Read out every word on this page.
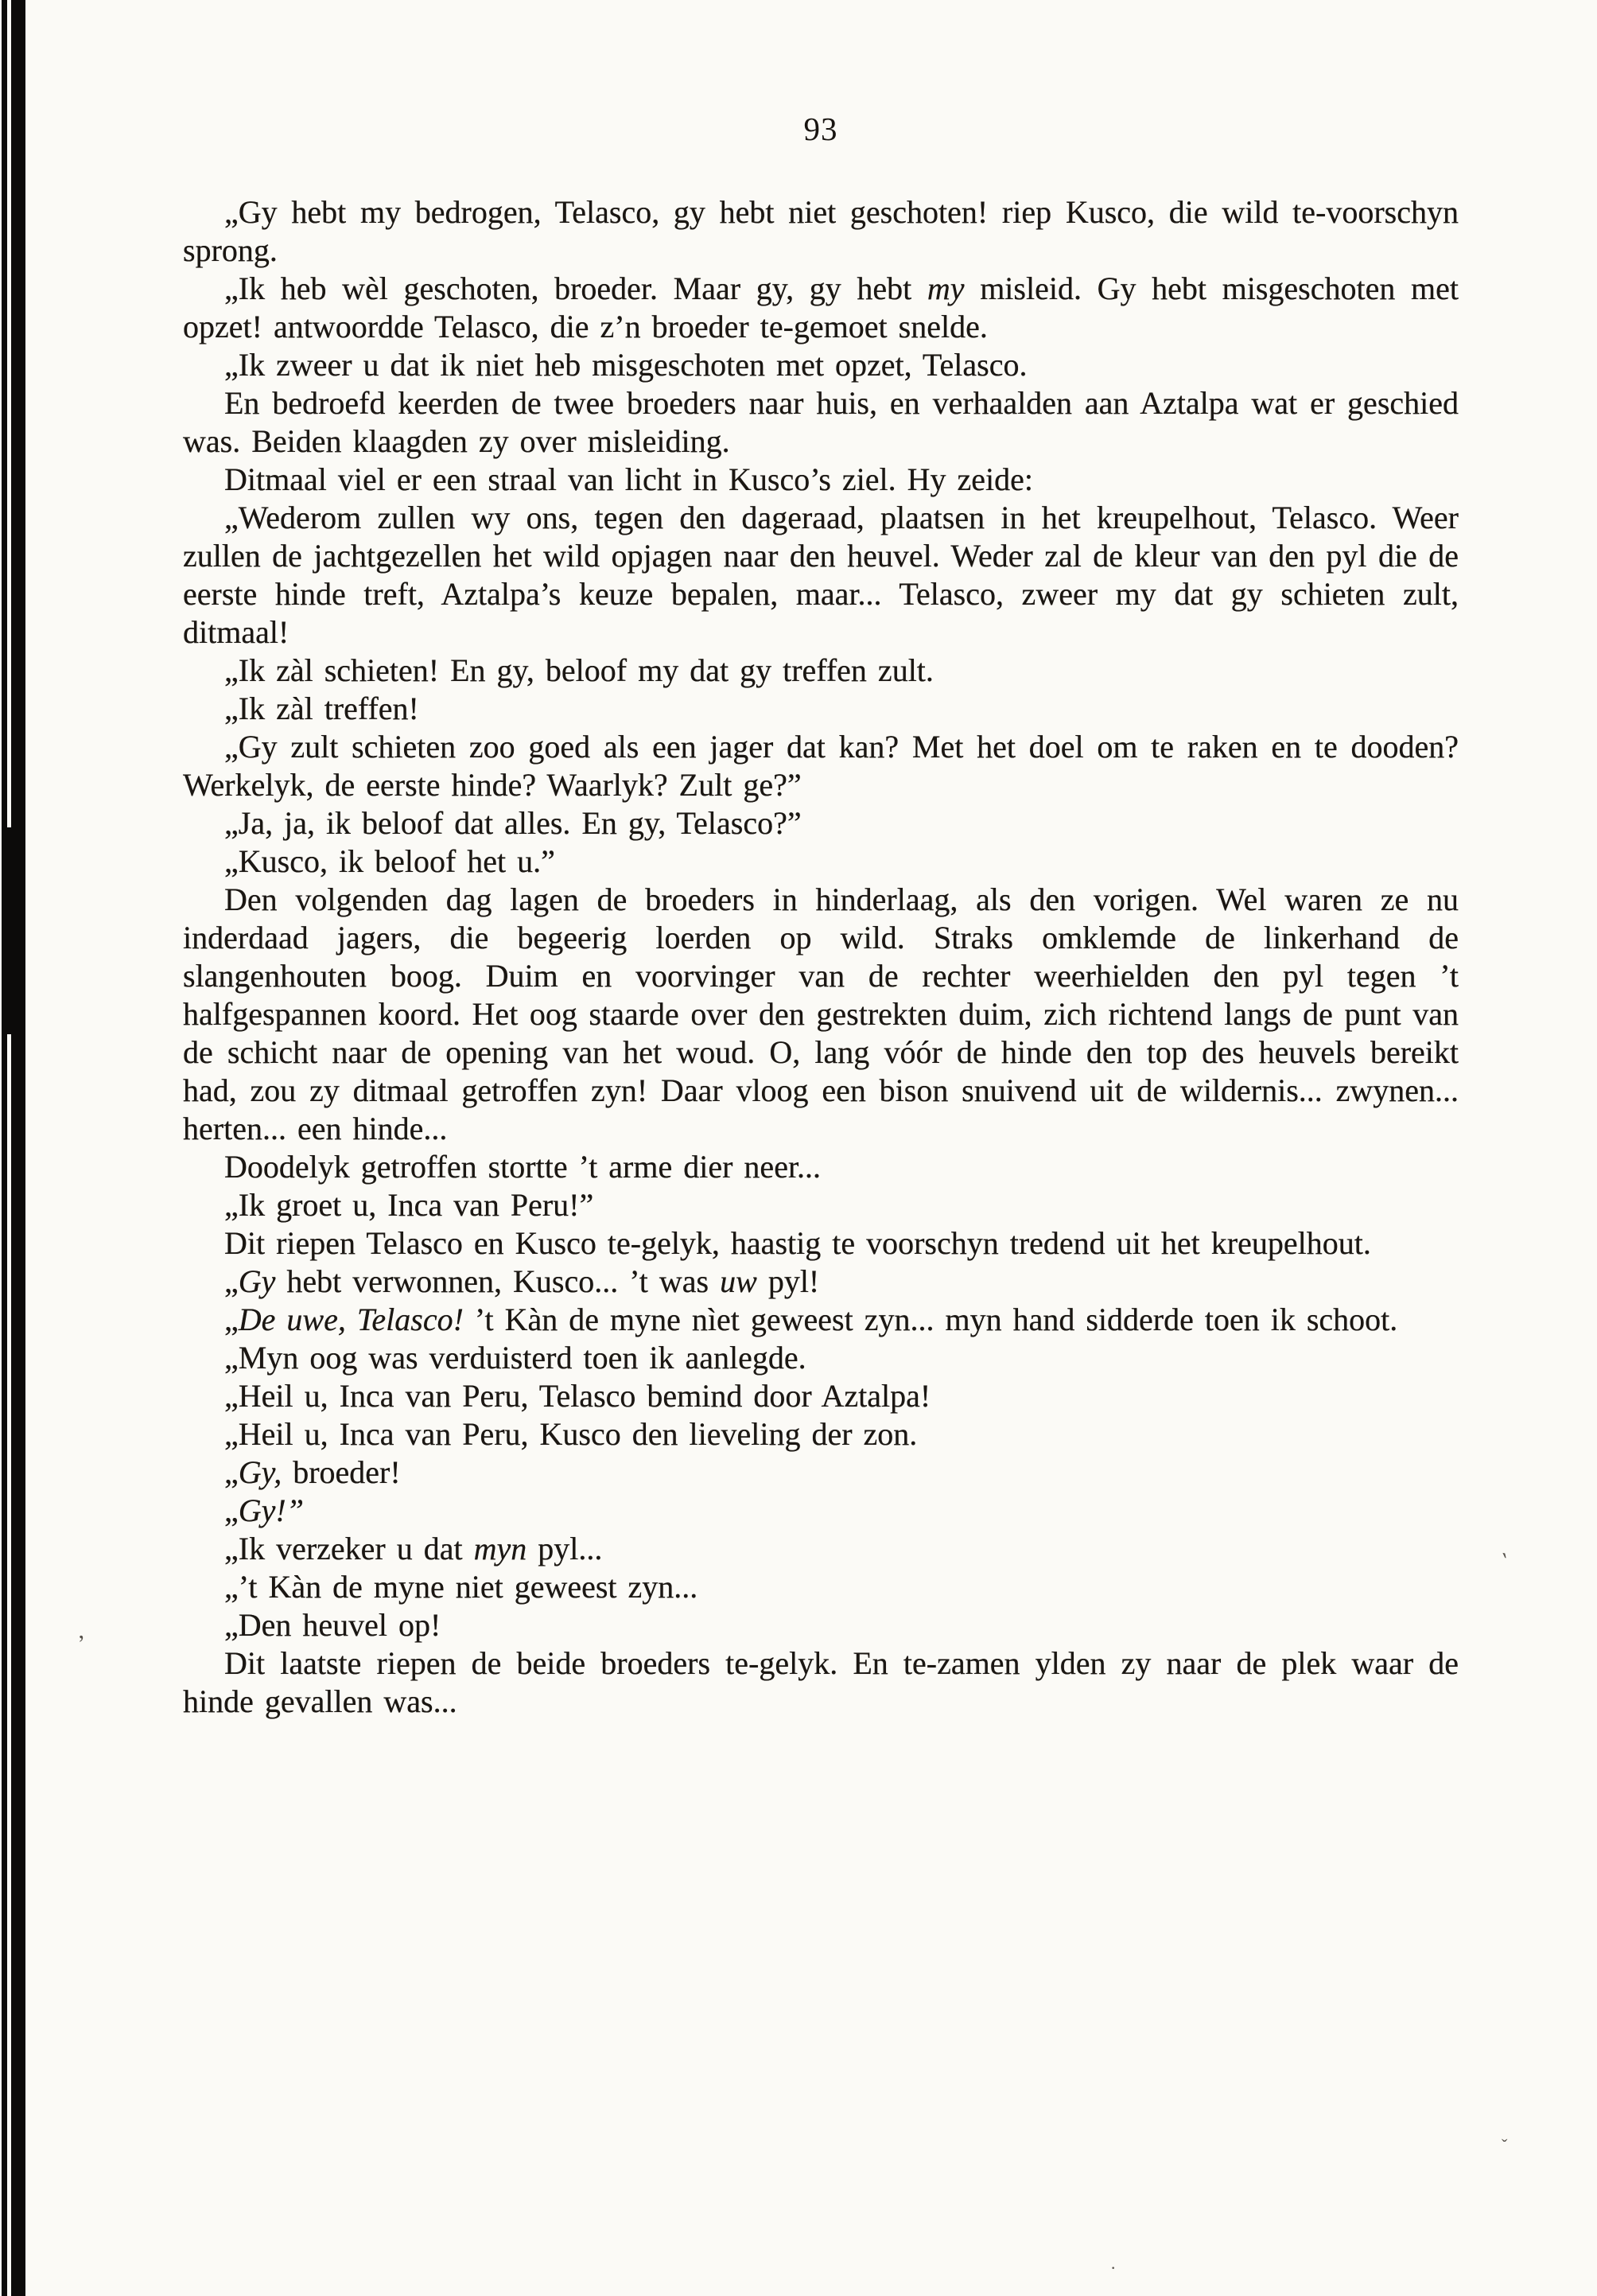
93

„Gy hebt my bedrogen, Telasco, gy hebt niet geschoten! riep Kusco, die wild te-voorschyn sprong.

„Ik heb wèl geschoten, broeder. Maar gy, gy hebt my misleid. Gy hebt misgeschoten met opzet! antwoordde Telasco, die z’n broeder te-gemoet snelde.

„Ik zweer u dat ik niet heb misgeschoten met opzet, Telasco.

En bedroefd keerden de twee broeders naar huis, en verhaalden aan Aztalpa wat er geschied was. Beiden klaagden zy over misleiding.

Ditmaal viel er een straal van licht in Kusco’s ziel. Hy zeide:

„Wederom zullen wy ons, tegen den dageraad, plaatsen in het kreupelhout, Telasco. Weer zullen de jachtgezellen het wild opjagen naar den heuvel. Weder zal de kleur van den pyl die de eerste hinde treft, Aztalpa’s keuze bepalen, maar... Telasco, zweer my dat gy schieten zult, ditmaal!

„Ik zàl schieten! En gy, beloof my dat gy treffen zult.

„Ik zàl treffen!

„Gy zult schieten zoo goed als een jager dat kan? Met het doel om te raken en te dooden? Werkelyk, de eerste hinde? Waarlyk? Zult ge?”

„Ja, ja, ik beloof dat alles. En gy, Telasco?”

„Kusco, ik beloof het u.”

Den volgenden dag lagen de broeders in hinderlaag, als den vorigen. Wel waren ze nu inderdaad jagers, die begeerig loerden op wild. Straks omklemde de linkerhand de slangenhouten boog. Duim en voorvinger van de rechter weerhielden den pyl tegen ’t halfgespannen koord. Het oog staarde over den gestrekten duim, zich richtend langs de punt van de schicht naar de opening van het woud. O, lang vóór de hinde den top des heuvels bereikt had, zou zy ditmaal getroffen zyn! Daar vloog een bison snuivend uit de wildernis... zwynen... herten... een hinde...

Doodelyk getroffen stortte ’t arme dier neer...

„Ik groet u, Inca van Peru!”

Dit riepen Telasco en Kusco te-gelyk, haastig te voorschyn tredend uit het kreupelhout.

„Gy hebt verwonnen, Kusco... ’t was uw pyl!

„De uwe, Telasco! ’t Kàn de myne nìet geweest zyn... myn hand sidderde toen ik schoot.

„Myn oog was verduisterd toen ik aanlegde.

„Heil u, Inca van Peru, Telasco bemind door Aztalpa!

„Heil u, Inca van Peru, Kusco den lieveling der zon.

„Gy, broeder!

„Gy!”

„Ik verzeker u dat myn pyl...

„’t Kàn de myne niet geweest zyn...

„Den heuvel op!

Dit laatste riepen de beide broeders te-gelyk. En te-zamen ylden zy naar de plek waar de hinde gevallen was...

‵
‚
ˇ
·
